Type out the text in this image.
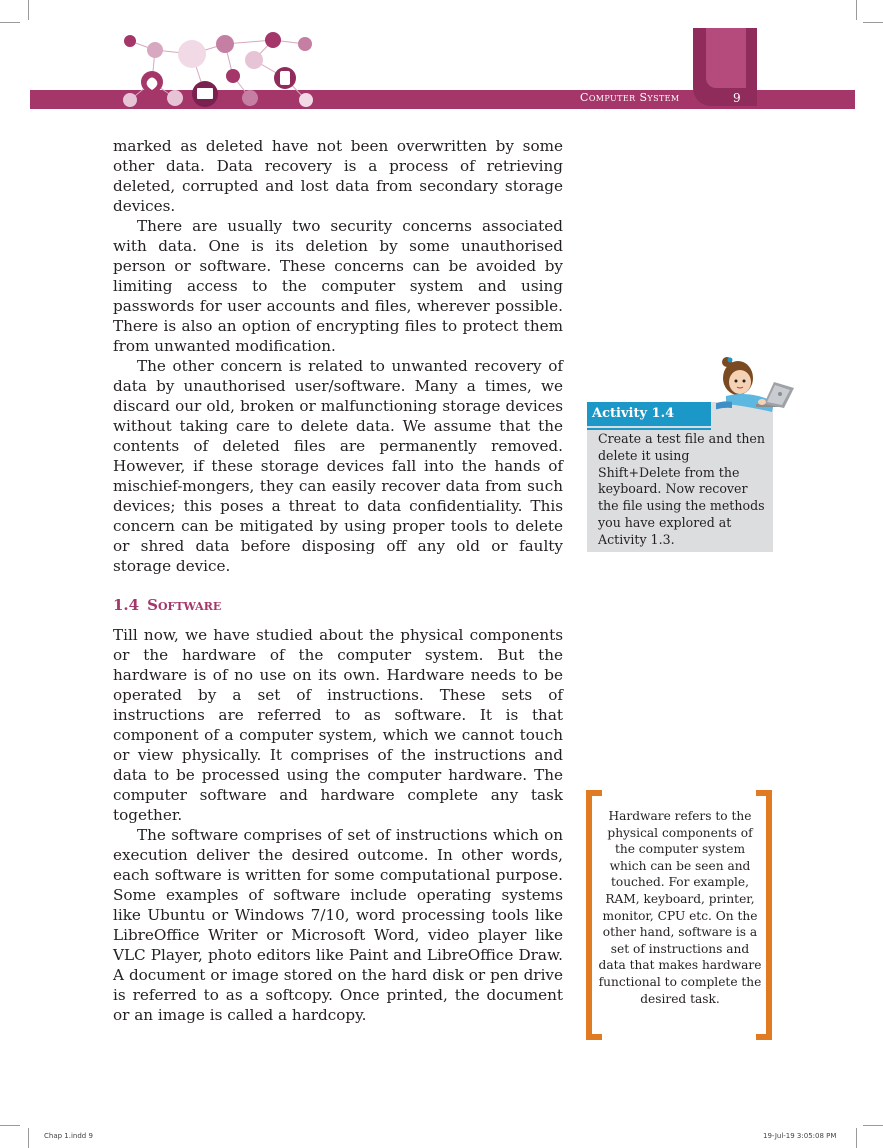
Computer System	9

marked as deleted have not been overwritten by some other data. Data recovery is a process of retrieving deleted, corrupted and lost data from secondary storage devices.

There are usually two security concerns associated with data. One is its deletion by some unauthorised person or software. These concerns can be avoided by limiting access to the computer system and using passwords for user accounts and files, wherever possible. There is also an option of encrypting files to protect them from unwanted modification.

The other concern is related to unwanted recovery of data by unauthorised user/software. Many a times, we discard our old, broken or malfunctioning storage devices without taking care to delete data. We assume that the contents of deleted files are permanently removed. However, if these storage devices fall into the hands of mischief-mongers, they can easily recover data from such devices; this poses a threat to data confidentiality. This concern can be mitigated by using proper tools to delete or shred data before disposing off any old or faulty storage device.

1.4 Software

Till now, we have studied about the physical components or the hardware of the computer system. But the hardware is of no use on its own. Hardware needs to be operated by a set of instructions. These sets of instructions are referred to as software. It is that component of a computer system, which we cannot touch or view physically. It comprises of the instructions and data to be processed using the computer hardware. The computer software and hardware complete any task together.

The software comprises of set of instructions which on execution deliver the desired outcome. In other words, each software is written for some computational purpose. Some examples of software include operating systems like Ubuntu or Windows 7/10, word processing tools like LibreOffice Writer or Microsoft Word, video player like VLC Player, photo editors like Paint and LibreOffice Draw. A document or image stored on the hard disk or pen drive is referred to as a softcopy. Once printed, the document or an image is called a hardcopy.

Activity 1.4
Create a test file and then delete it using Shift+Delete from the keyboard. Now recover the file using the methods you have explored at Activity 1.3.
Hardware refers to the physical components of the computer system which can be seen and touched. For example, RAM, keyboard, printer, monitor, CPU etc. On the other hand, software is a set of instructions and data that makes hardware functional to complete the desired task.
Chap 1.indd 9	19-Jul-19 3:05:08 PM
